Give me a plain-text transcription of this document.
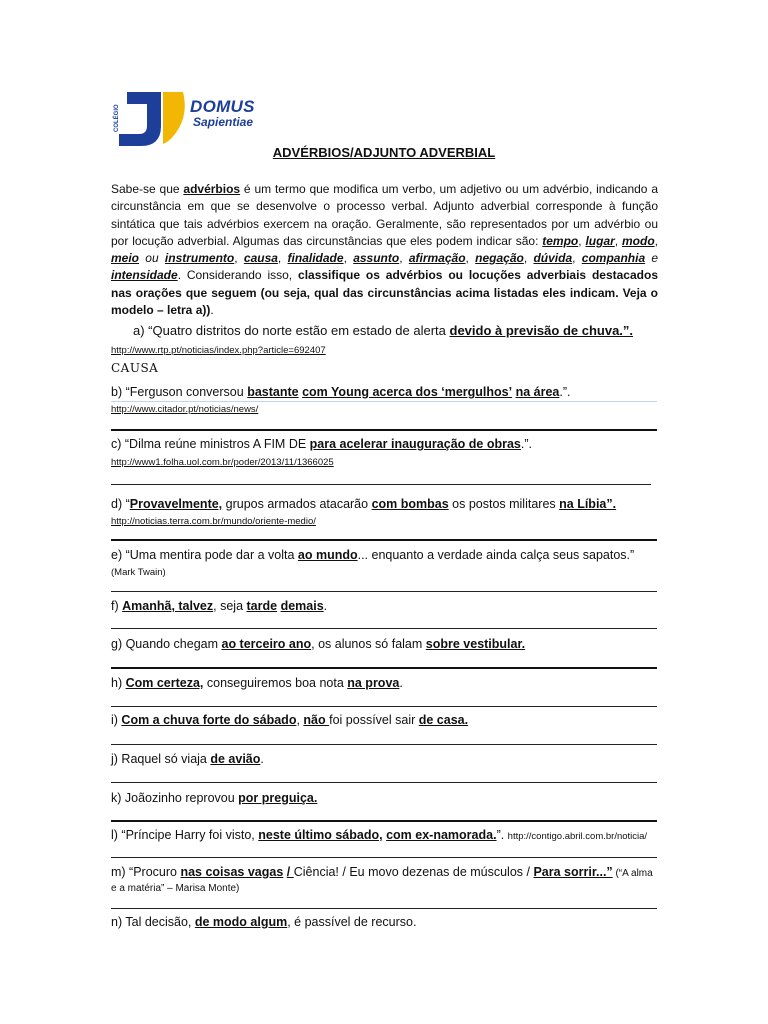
COLÉGIO	DOMUS
Sapientiae
ADVÉRBIOS/ADJUNTO ADVERBIAL
Sabe-se que advérbios é um termo que modifica um verbo, um adjetivo ou um advérbio, indicando a circunstância em que se desenvolve o processo verbal. Adjunto adverbial corresponde à função sintática que tais advérbios exercem na oração. Geralmente, são representados por um advérbio ou por locução adverbial. Algumas das circunstâncias que eles podem indicar são: tempo, lugar, modo, meio ou instrumento, causa, finalidade, assunto, afirmação, negação, dúvida, companhia e intensidade. Considerando isso, classifique os advérbios ou locuções adverbiais destacados nas orações que seguem (ou seja, qual das circunstâncias acima listadas eles indicam. Veja o modelo – letra a)).
a) “Quatro distritos do norte estão em estado de alerta devido à previsão de chuva.”.
http://www.rtp.pt/noticias/index.php?article=692407
CAUSA
b) “Ferguson conversou bastante com Young acerca dos ‘mergulhos’ na área.”.
http://www.citador.pt/noticias/news/
c) “Dilma reúne ministros A FIM DE para acelerar inauguração de obras.”.
http://www1.folha.uol.com.br/poder/2013/11/1366025
d) “Provavelmente, grupos armados atacarão com bombas os postos militares na Líbia”.
http://noticias.terra.com.br/mundo/oriente-medio/
e) “Uma mentira pode dar a volta ao mundo... enquanto a verdade ainda calça seus sapatos.”
(Mark Twain)
f) Amanhã, talvez, seja tarde demais.
g) Quando chegam ao terceiro ano, os alunos só falam sobre vestibular.
h) Com certeza, conseguiremos boa nota na prova.
i) Com a chuva forte do sábado, não foi possível sair de casa.
j) Raquel só viaja de avião.
k) Joãozinho reprovou por preguiça.
l) “Príncipe Harry foi visto, neste último sábado, com ex-namorada.”. http://contigo.abril.com.br/noticia/
m) “Procuro nas coisas vagas / Ciência! / Eu movo dezenas de músculos / Para sorrir...” (“A alma
e a matéria” – Marisa Monte)
n) Tal decisão, de modo algum, é passível de recurso.
